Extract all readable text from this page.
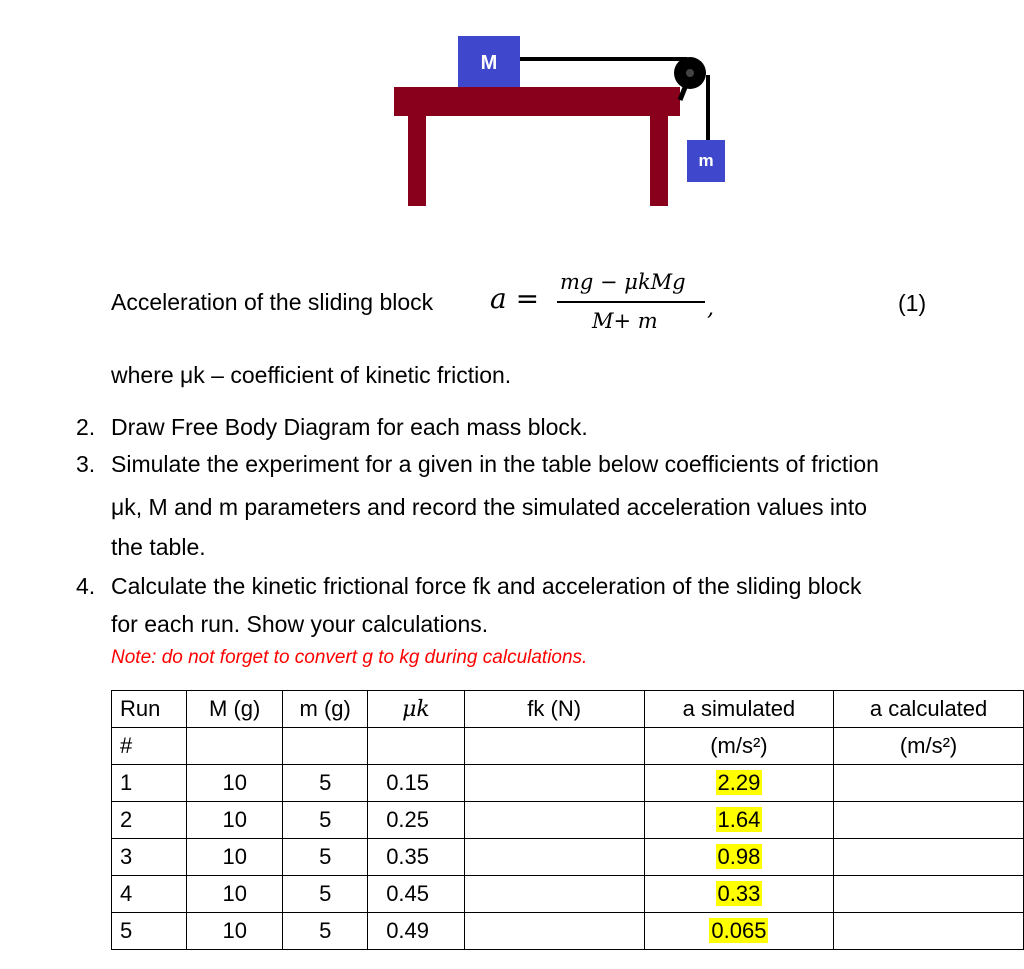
M
m
Acceleration of the sliding block a = mg − μkMg
M+ m ,	(1)
where μk – coefficient of kinetic friction.
2. Draw Free Body Diagram for each mass block.
3. Simulate the experiment for a given in the table below coefficients of friction
μk, M and m parameters and record the simulated acceleration values into
the table.
4. Calculate the kinetic frictional force fk and acceleration of the sliding block
for each run. Show your calculations.
Note: do not forget to convert g to kg during calculations.
Run	M (g)	m (g)	μk	fk (N)	a simulated	a calculated
#					(m/s²)	(m/s²)
1	10	5	0.15		2.29	
2	10	5	0.25		1.64	
3	10	5	0.35		0.98	
4	10	5	0.45		0.33	
5	10	5	0.49		0.065	
